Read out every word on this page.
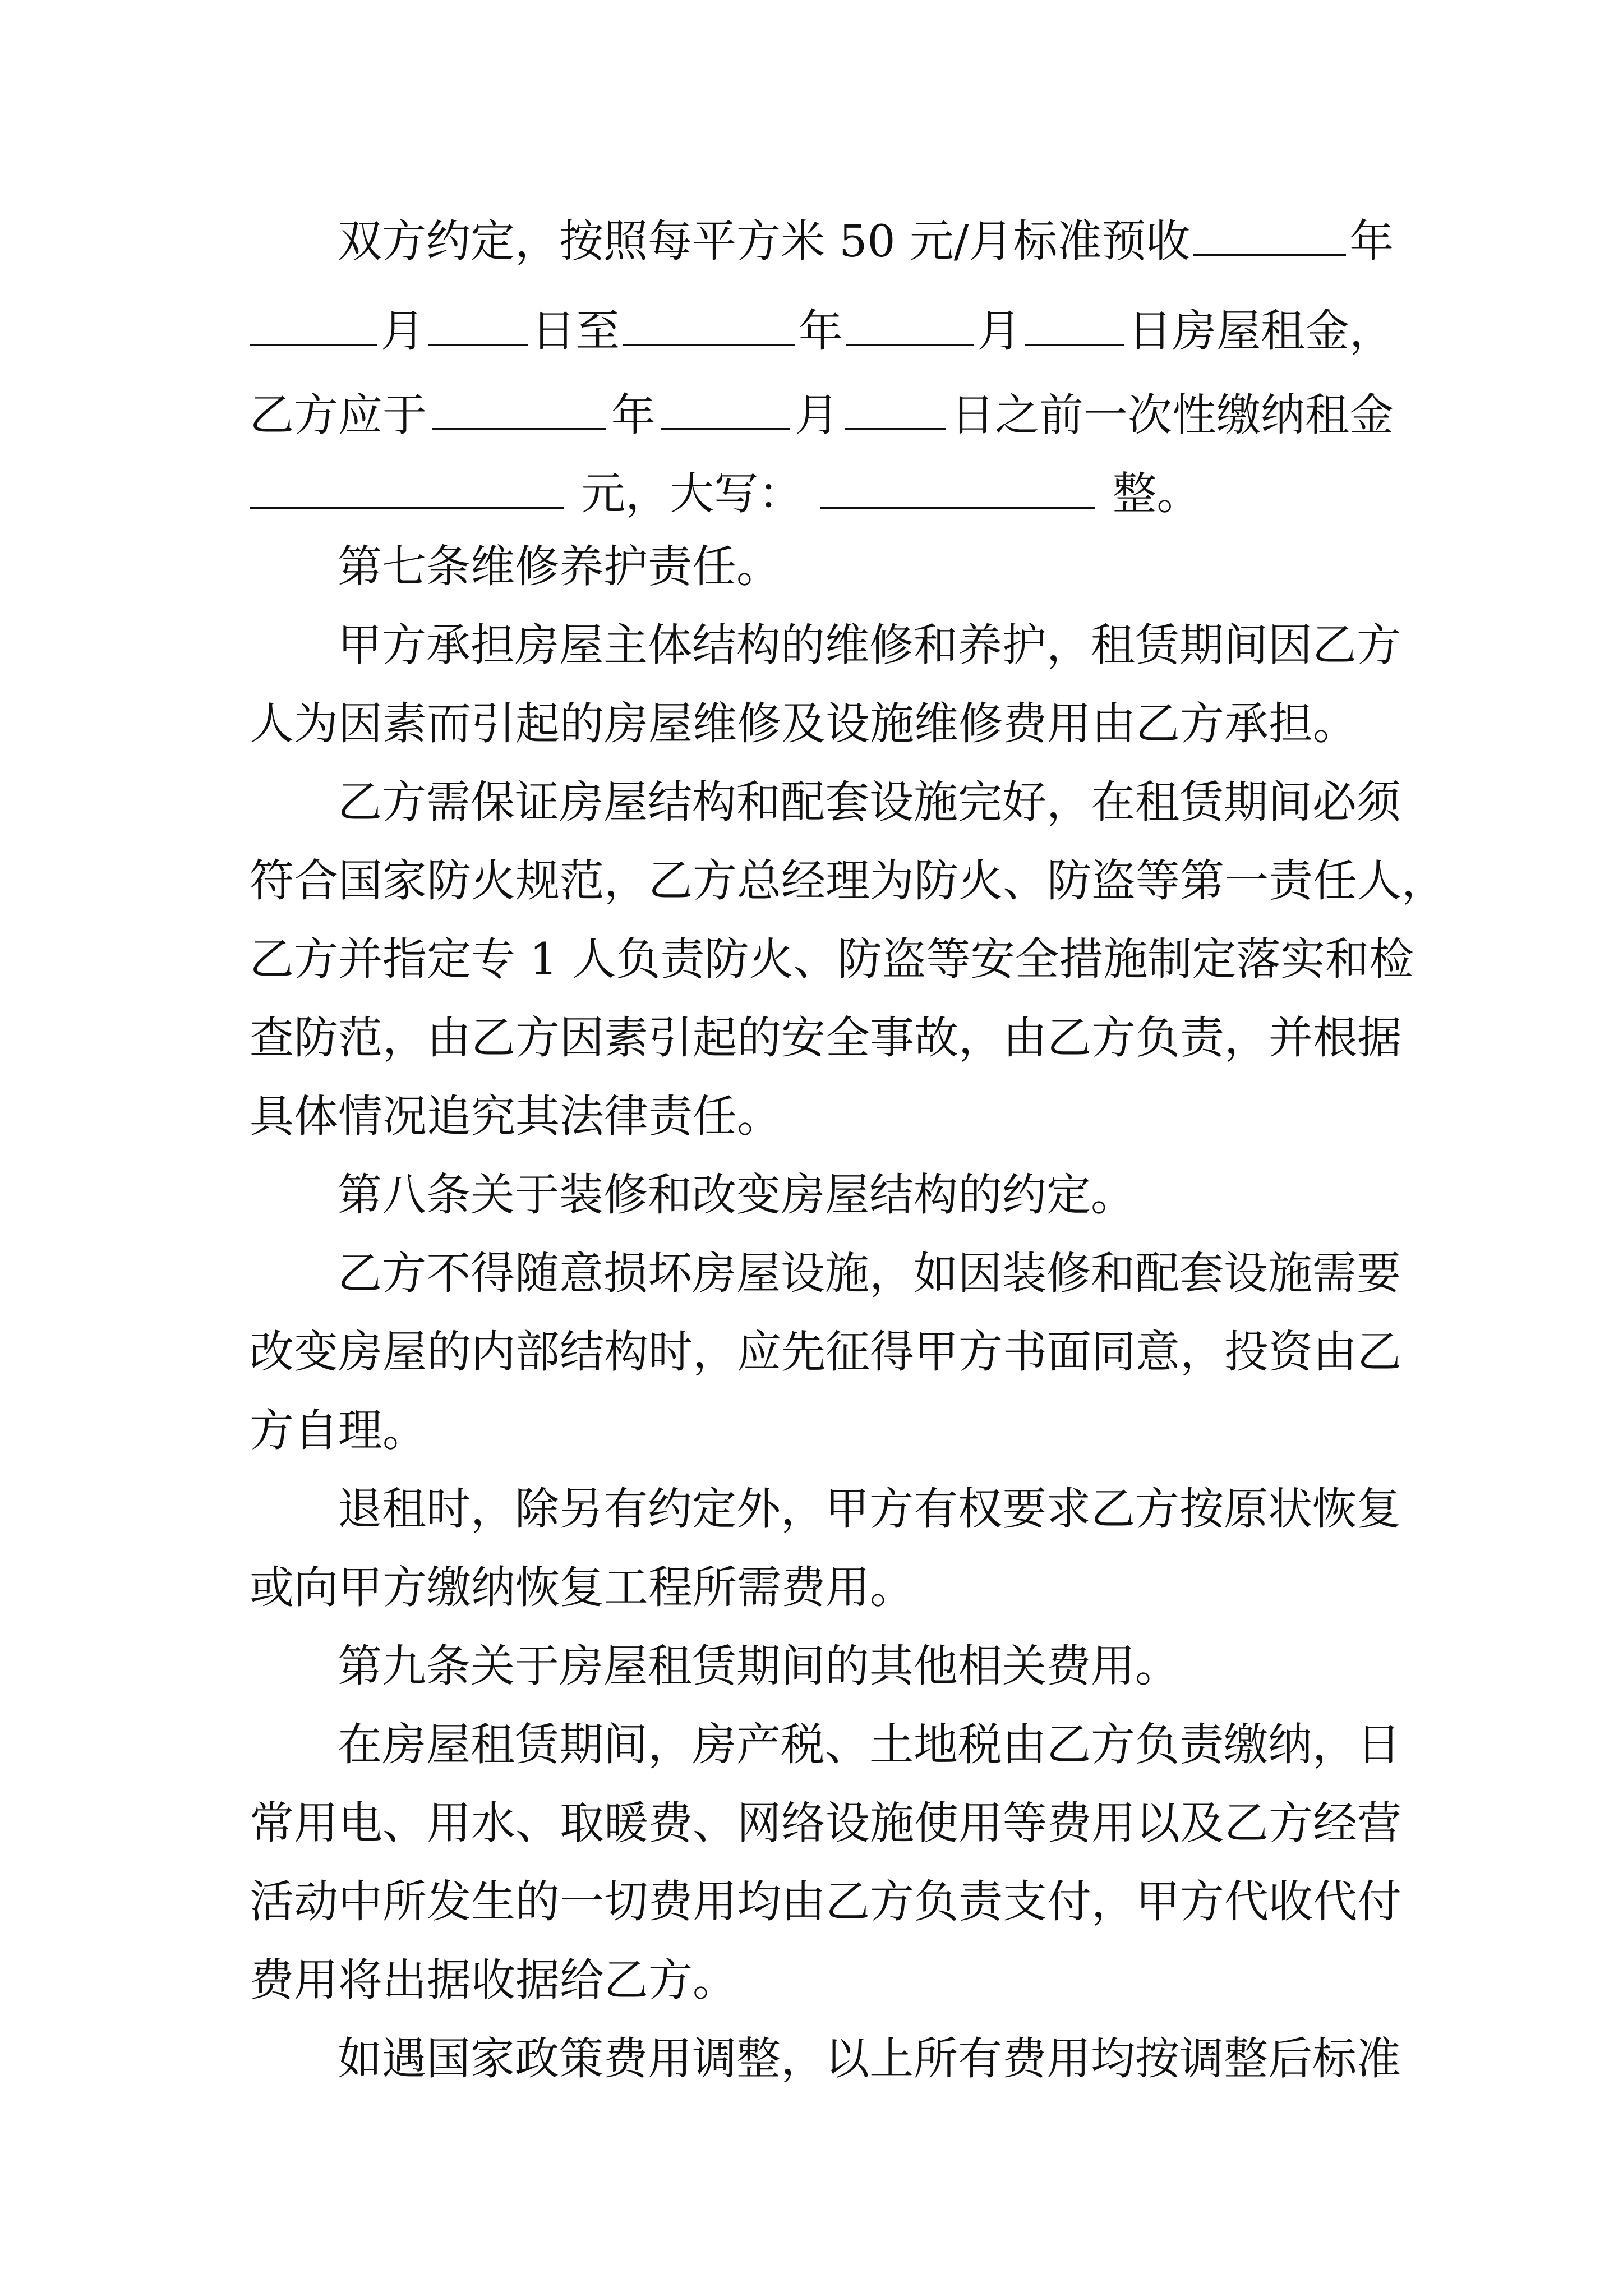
双方约定，按照每平方米 50 元/月标准预收	年
月 日至	年	月 日房屋租金，
乙方应于	年	月	日之前一次性缴纳租金
元，大写：	整。
第七条维修养护责任。
甲方承担房屋主体结构的维修和养护，租赁期间因乙方
人为因素而引起的房屋维修及设施维修费用由乙方承担。
乙方需保证房屋结构和配套设施完好，在租赁期间必须
符合国家防火规范，乙方总经理为防火、防盗等第一责任人，
乙方并指定专 1 人负责防火、防盗等安全措施制定落实和检
查防范，由乙方因素引起的安全事故，由乙方负责，并根据
具体情况追究其法律责任。
第八条关于装修和改变房屋结构的约定。
乙方不得随意损坏房屋设施，如因装修和配套设施需要
改变房屋的内部结构时，应先征得甲方书面同意，投资由乙
方自理。
退租时，除另有约定外，甲方有权要求乙方按原状恢复
或向甲方缴纳恢复工程所需费用。
第九条关于房屋租赁期间的其他相关费用。
在房屋租赁期间，房产税、土地税由乙方负责缴纳，日
常用电、用水、取暖费、网络设施使用等费用以及乙方经营
活动中所发生的一切费用均由乙方负责支付，甲方代收代付
费用将出据收据给乙方。
如遇国家政策费用调整，以上所有费用均按调整后标准
